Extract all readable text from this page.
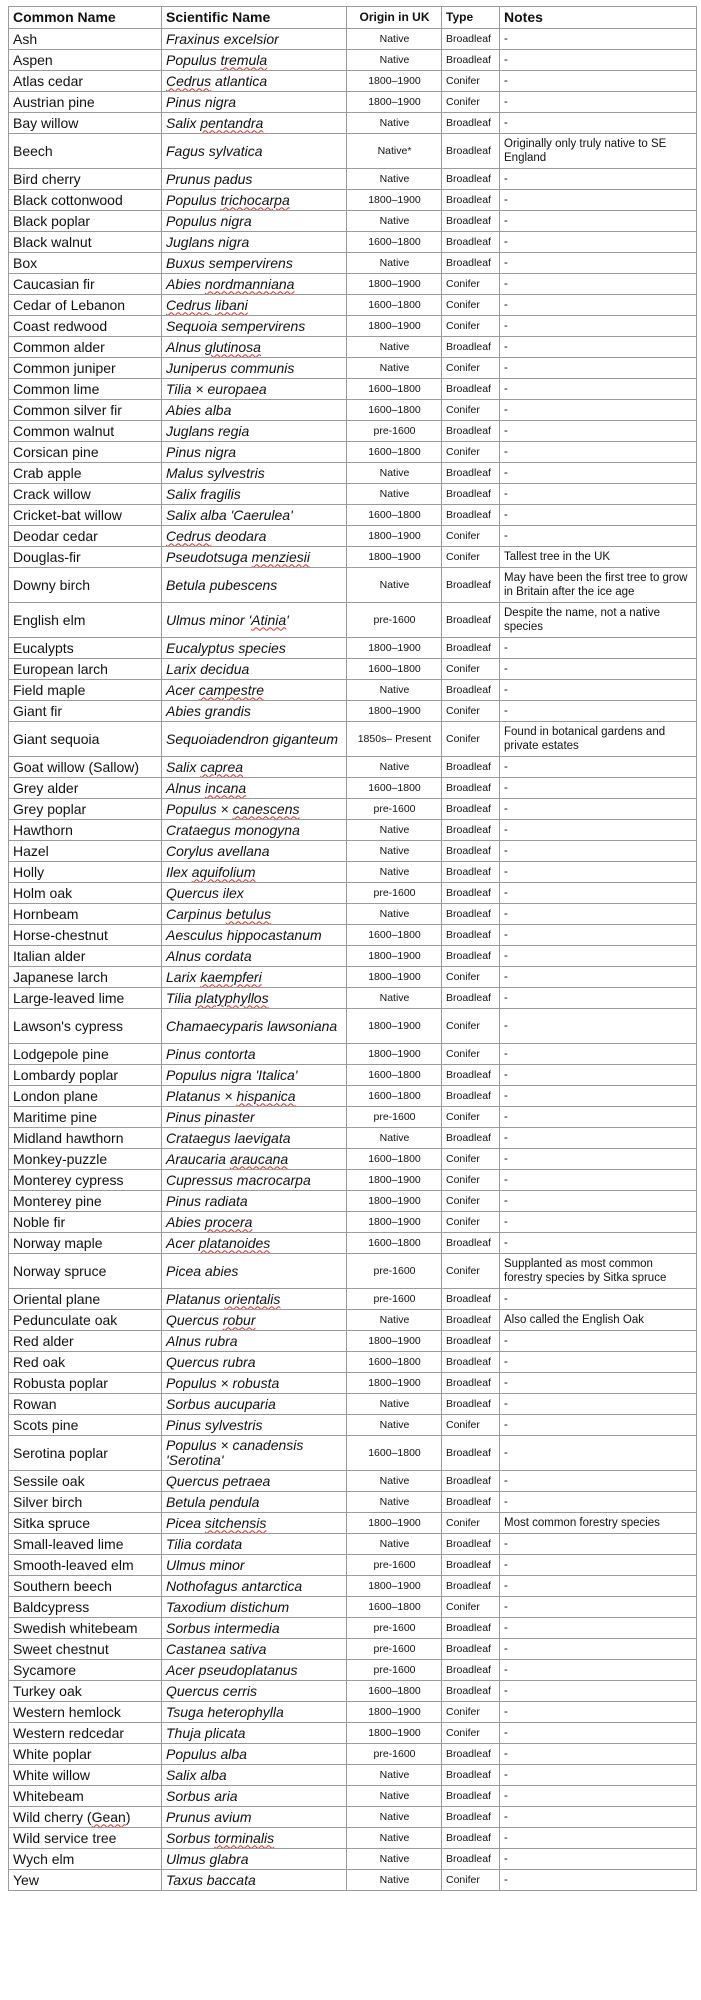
Common Name	Scientific Name	Origin in UK	Type	Notes
Ash	Fraxinus excelsior	Native	Broadleaf	-
Aspen	Populus tremula	Native	Broadleaf	-
Atlas cedar	Cedrus atlantica	1800–1900	Conifer	-
Austrian pine	Pinus nigra	1800–1900	Conifer	-
Bay willow	Salix pentandra	Native	Broadleaf	-
Beech	Fagus sylvatica	Native*	Broadleaf	Originally only truly native to SE England
Bird cherry	Prunus padus	Native	Broadleaf	-
Black cottonwood	Populus trichocarpa	1800–1900	Broadleaf	-
Black poplar	Populus nigra	Native	Broadleaf	-
Black walnut	Juglans nigra	1600–1800	Broadleaf	-
Box	Buxus sempervirens	Native	Broadleaf	-
Caucasian fir	Abies nordmanniana	1800–1900	Conifer	-
Cedar of Lebanon	Cedrus libani	1600–1800	Conifer	-
Coast redwood	Sequoia sempervirens	1800–1900	Conifer	-
Common alder	Alnus glutinosa	Native	Broadleaf	-
Common juniper	Juniperus communis	Native	Conifer	-
Common lime	Tilia × europaea	1600–1800	Broadleaf	-
Common silver fir	Abies alba	1600–1800	Conifer	-
Common walnut	Juglans regia	pre-1600	Broadleaf	-
Corsican pine	Pinus nigra	1600–1800	Conifer	-
Crab apple	Malus sylvestris	Native	Broadleaf	-
Crack willow	Salix fragilis	Native	Broadleaf	-
Cricket-bat willow	Salix alba 'Caerulea'	1600–1800	Broadleaf	-
Deodar cedar	Cedrus deodara	1800–1900	Conifer	-
Douglas-fir	Pseudotsuga menziesii	1800–1900	Conifer	Tallest tree in the UK
Downy birch	Betula pubescens	Native	Broadleaf	May have been the first tree to grow in Britain after the ice age
English elm	Ulmus minor 'Atinia'	pre-1600	Broadleaf	Despite the name, not a native species
Eucalypts	Eucalyptus species	1800–1900	Broadleaf	-
European larch	Larix decidua	1600–1800	Conifer	-
Field maple	Acer campestre	Native	Broadleaf	-
Giant fir	Abies grandis	1800–1900	Conifer	-
Giant sequoia	Sequoiadendron giganteum	1850s– Present	Conifer	Found in botanical gardens and private estates
Goat willow (Sallow)	Salix caprea	Native	Broadleaf	-
Grey alder	Alnus incana	1600–1800	Broadleaf	-
Grey poplar	Populus × canescens	pre-1600	Broadleaf	-
Hawthorn	Crataegus monogyna	Native	Broadleaf	-
Hazel	Corylus avellana	Native	Broadleaf	-
Holly	Ilex aquifolium	Native	Broadleaf	-
Holm oak	Quercus ilex	pre-1600	Broadleaf	-
Hornbeam	Carpinus betulus	Native	Broadleaf	-
Horse-chestnut	Aesculus hippocastanum	1600–1800	Broadleaf	-
Italian alder	Alnus cordata	1800–1900	Broadleaf	-
Japanese larch	Larix kaempferi	1800–1900	Conifer	-
Large-leaved lime	Tilia platyphyllos	Native	Broadleaf	-
Lawson's cypress	Chamaecyparis lawsoniana	1800–1900	Conifer	-
Lodgepole pine	Pinus contorta	1800–1900	Conifer	-
Lombardy poplar	Populus nigra 'Italica'	1600–1800	Broadleaf	-
London plane	Platanus × hispanica	1600–1800	Broadleaf	-
Maritime pine	Pinus pinaster	pre-1600	Conifer	-
Midland hawthorn	Crataegus laevigata	Native	Broadleaf	-
Monkey-puzzle	Araucaria araucana	1600–1800	Conifer	-
Monterey cypress	Cupressus macrocarpa	1800–1900	Conifer	-
Monterey pine	Pinus radiata	1800–1900	Conifer	-
Noble fir	Abies procera	1800–1900	Conifer	-
Norway maple	Acer platanoides	1600–1800	Broadleaf	-
Norway spruce	Picea abies	pre-1600	Conifer	Supplanted as most common forestry species by Sitka spruce
Oriental plane	Platanus orientalis	pre-1600	Broadleaf	-
Pedunculate oak	Quercus robur	Native	Broadleaf	Also called the English Oak
Red alder	Alnus rubra	1800–1900	Broadleaf	-
Red oak	Quercus rubra	1600–1800	Broadleaf	-
Robusta poplar	Populus × robusta	1800–1900	Broadleaf	-
Rowan	Sorbus aucuparia	Native	Broadleaf	-
Scots pine	Pinus sylvestris	Native	Conifer	-
Serotina poplar	Populus × canadensis 'Serotina'	1600–1800	Broadleaf	-
Sessile oak	Quercus petraea	Native	Broadleaf	-
Silver birch	Betula pendula	Native	Broadleaf	-
Sitka spruce	Picea sitchensis	1800–1900	Conifer	Most common forestry species
Small-leaved lime	Tilia cordata	Native	Broadleaf	-
Smooth-leaved elm	Ulmus minor	pre-1600	Broadleaf	-
Southern beech	Nothofagus antarctica	1800–1900	Broadleaf	-
Baldcypress	Taxodium distichum	1600–1800	Conifer	-
Swedish whitebeam	Sorbus intermedia	pre-1600	Broadleaf	-
Sweet chestnut	Castanea sativa	pre-1600	Broadleaf	-
Sycamore	Acer pseudoplatanus	pre-1600	Broadleaf	-
Turkey oak	Quercus cerris	1600–1800	Broadleaf	-
Western hemlock	Tsuga heterophylla	1800–1900	Conifer	-
Western redcedar	Thuja plicata	1800–1900	Conifer	-
White poplar	Populus alba	pre-1600	Broadleaf	-
White willow	Salix alba	Native	Broadleaf	-
Whitebeam	Sorbus aria	Native	Broadleaf	-
Wild cherry (Gean)	Prunus avium	Native	Broadleaf	-
Wild service tree	Sorbus torminalis	Native	Broadleaf	-
Wych elm	Ulmus glabra	Native	Broadleaf	-
Yew	Taxus baccata	Native	Conifer	-
